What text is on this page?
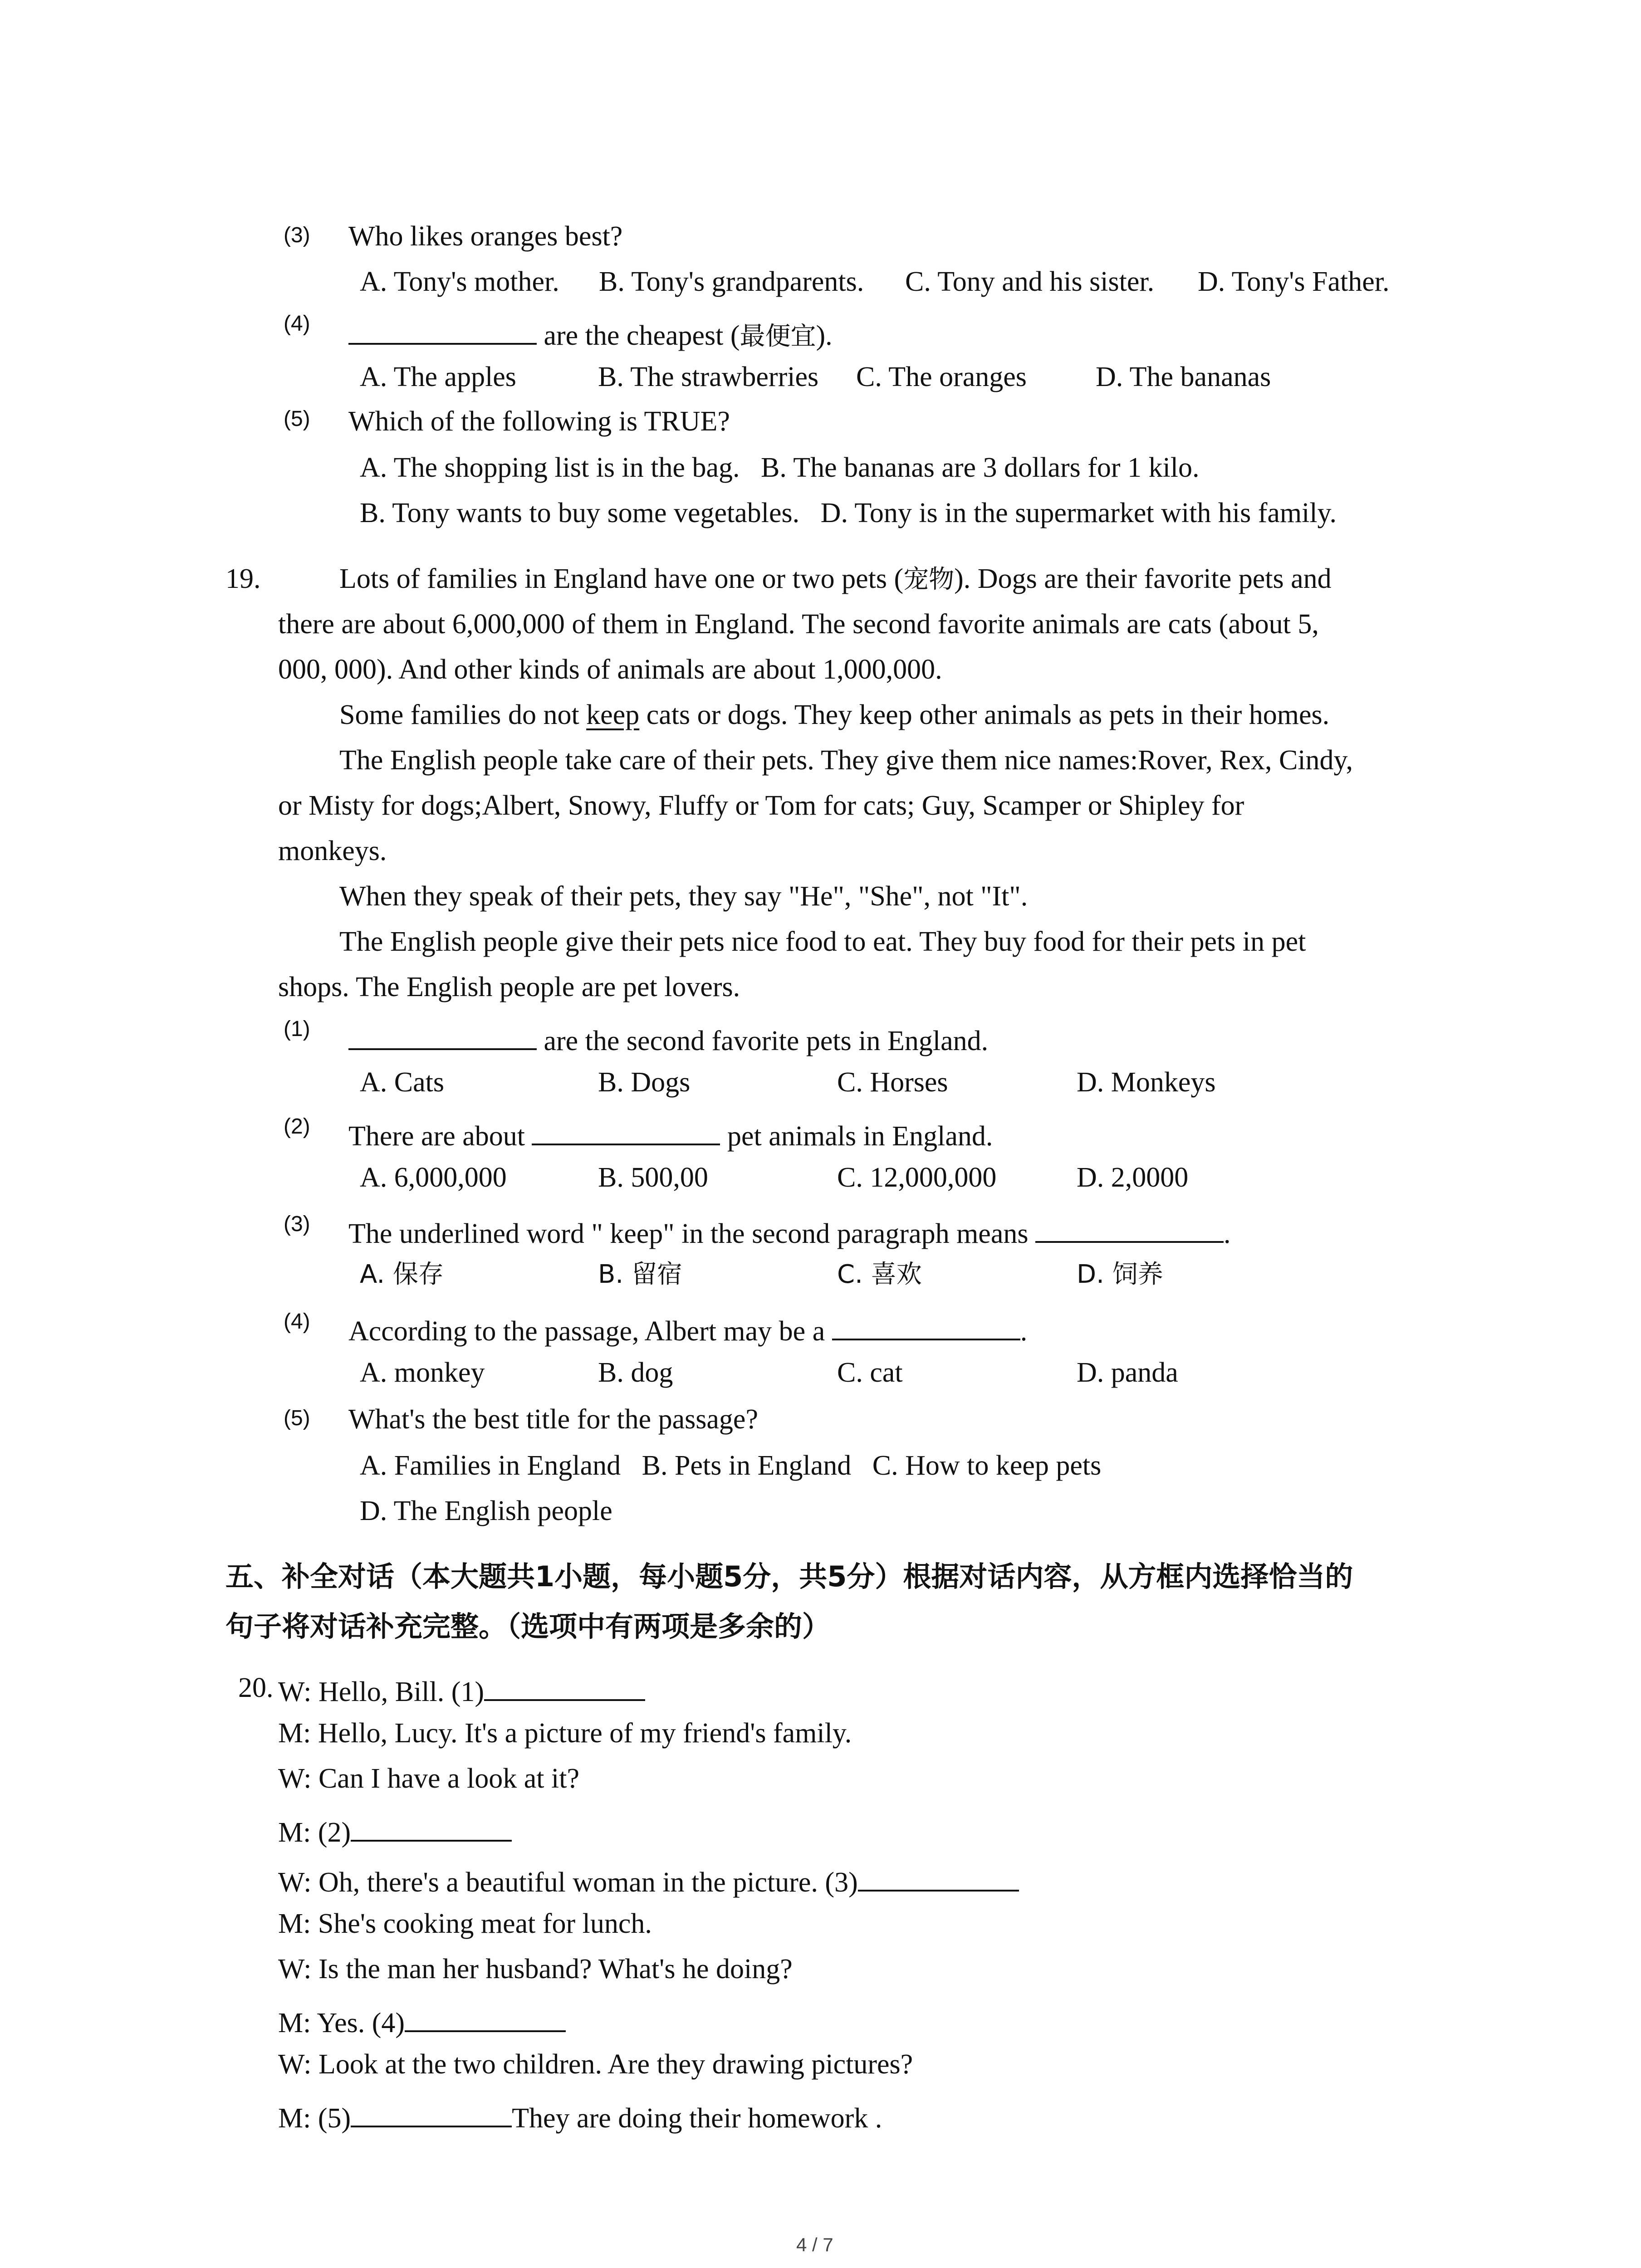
(3) Who likes oranges best?
A. Tony's mother. B. Tony's grandparents. C. Tony and his sister. D. Tony's Father.
(4)	are the cheapest (最便宜).
A. The apples	B. The strawberries C. The oranges D. The bananas
(5) Which of the following is TRUE?
A. The shopping list is in the bag.   B. The bananas are 3 dollars for 1 kilo.
B. Tony wants to buy some vegetables.   D. Tony is in the supermarket with his family.
19.	Lots of families in England have one or two pets (宠物). Dogs are their favorite pets and
there are about 6,000,000 of them in England. The second favorite animals are cats (about 5,
000, 000). And other kinds of animals are about 1,000,000.
Some families do not keep cats or dogs. They keep other animals as pets in their homes.
The English people take care of their pets. They give them nice names:Rover, Rex, Cindy,
or Misty for dogs;Albert, Snowy, Fluffy or Tom for cats; Guy, Scamper or Shipley for
monkeys.
When they speak of their pets, they say "He", "She", not "It".
The English people give their pets nice food to eat. They buy food for their pets in pet
shops. The English people are pet lovers.
(1)	are the second favorite pets in England.
A. Cats	B. Dogs	C. Horses	D. Monkeys
(2) There are about	pet animals in England.
A. 6,000,000	B. 500,00	C. 12,000,000	D. 2,0000
(3) The underlined word " keep" in the second paragraph means	.
A. 保存	B. 留宿	C. 喜欢	D. 饲养
(4) According to the passage, Albert may be a	.
A. monkey	B. dog	C. cat	D. panda
(5) What's the best title for the passage?
A. Families in England   B. Pets in England   C. How to keep pets
D. The English people
五、补全对话（本大题共1小题，每小题5分，共5分）根据对话内容，从方框内选择恰当的
句子将对话补充完整。（选项中有两项是多余的）
20. W: Hello, Bill. (1)
M: Hello, Lucy. It's a picture of my friend's family.
W: Can I have a look at it?
M: (2)
W: Oh, there's a beautiful woman in the picture. (3)
M: She's cooking meat for lunch.
W: Is the man her husband? What's he doing?
M: Yes. (4)
W: Look at the two children. Are they drawing pictures?
M: (5)	They are doing their homework .
4 / 7
